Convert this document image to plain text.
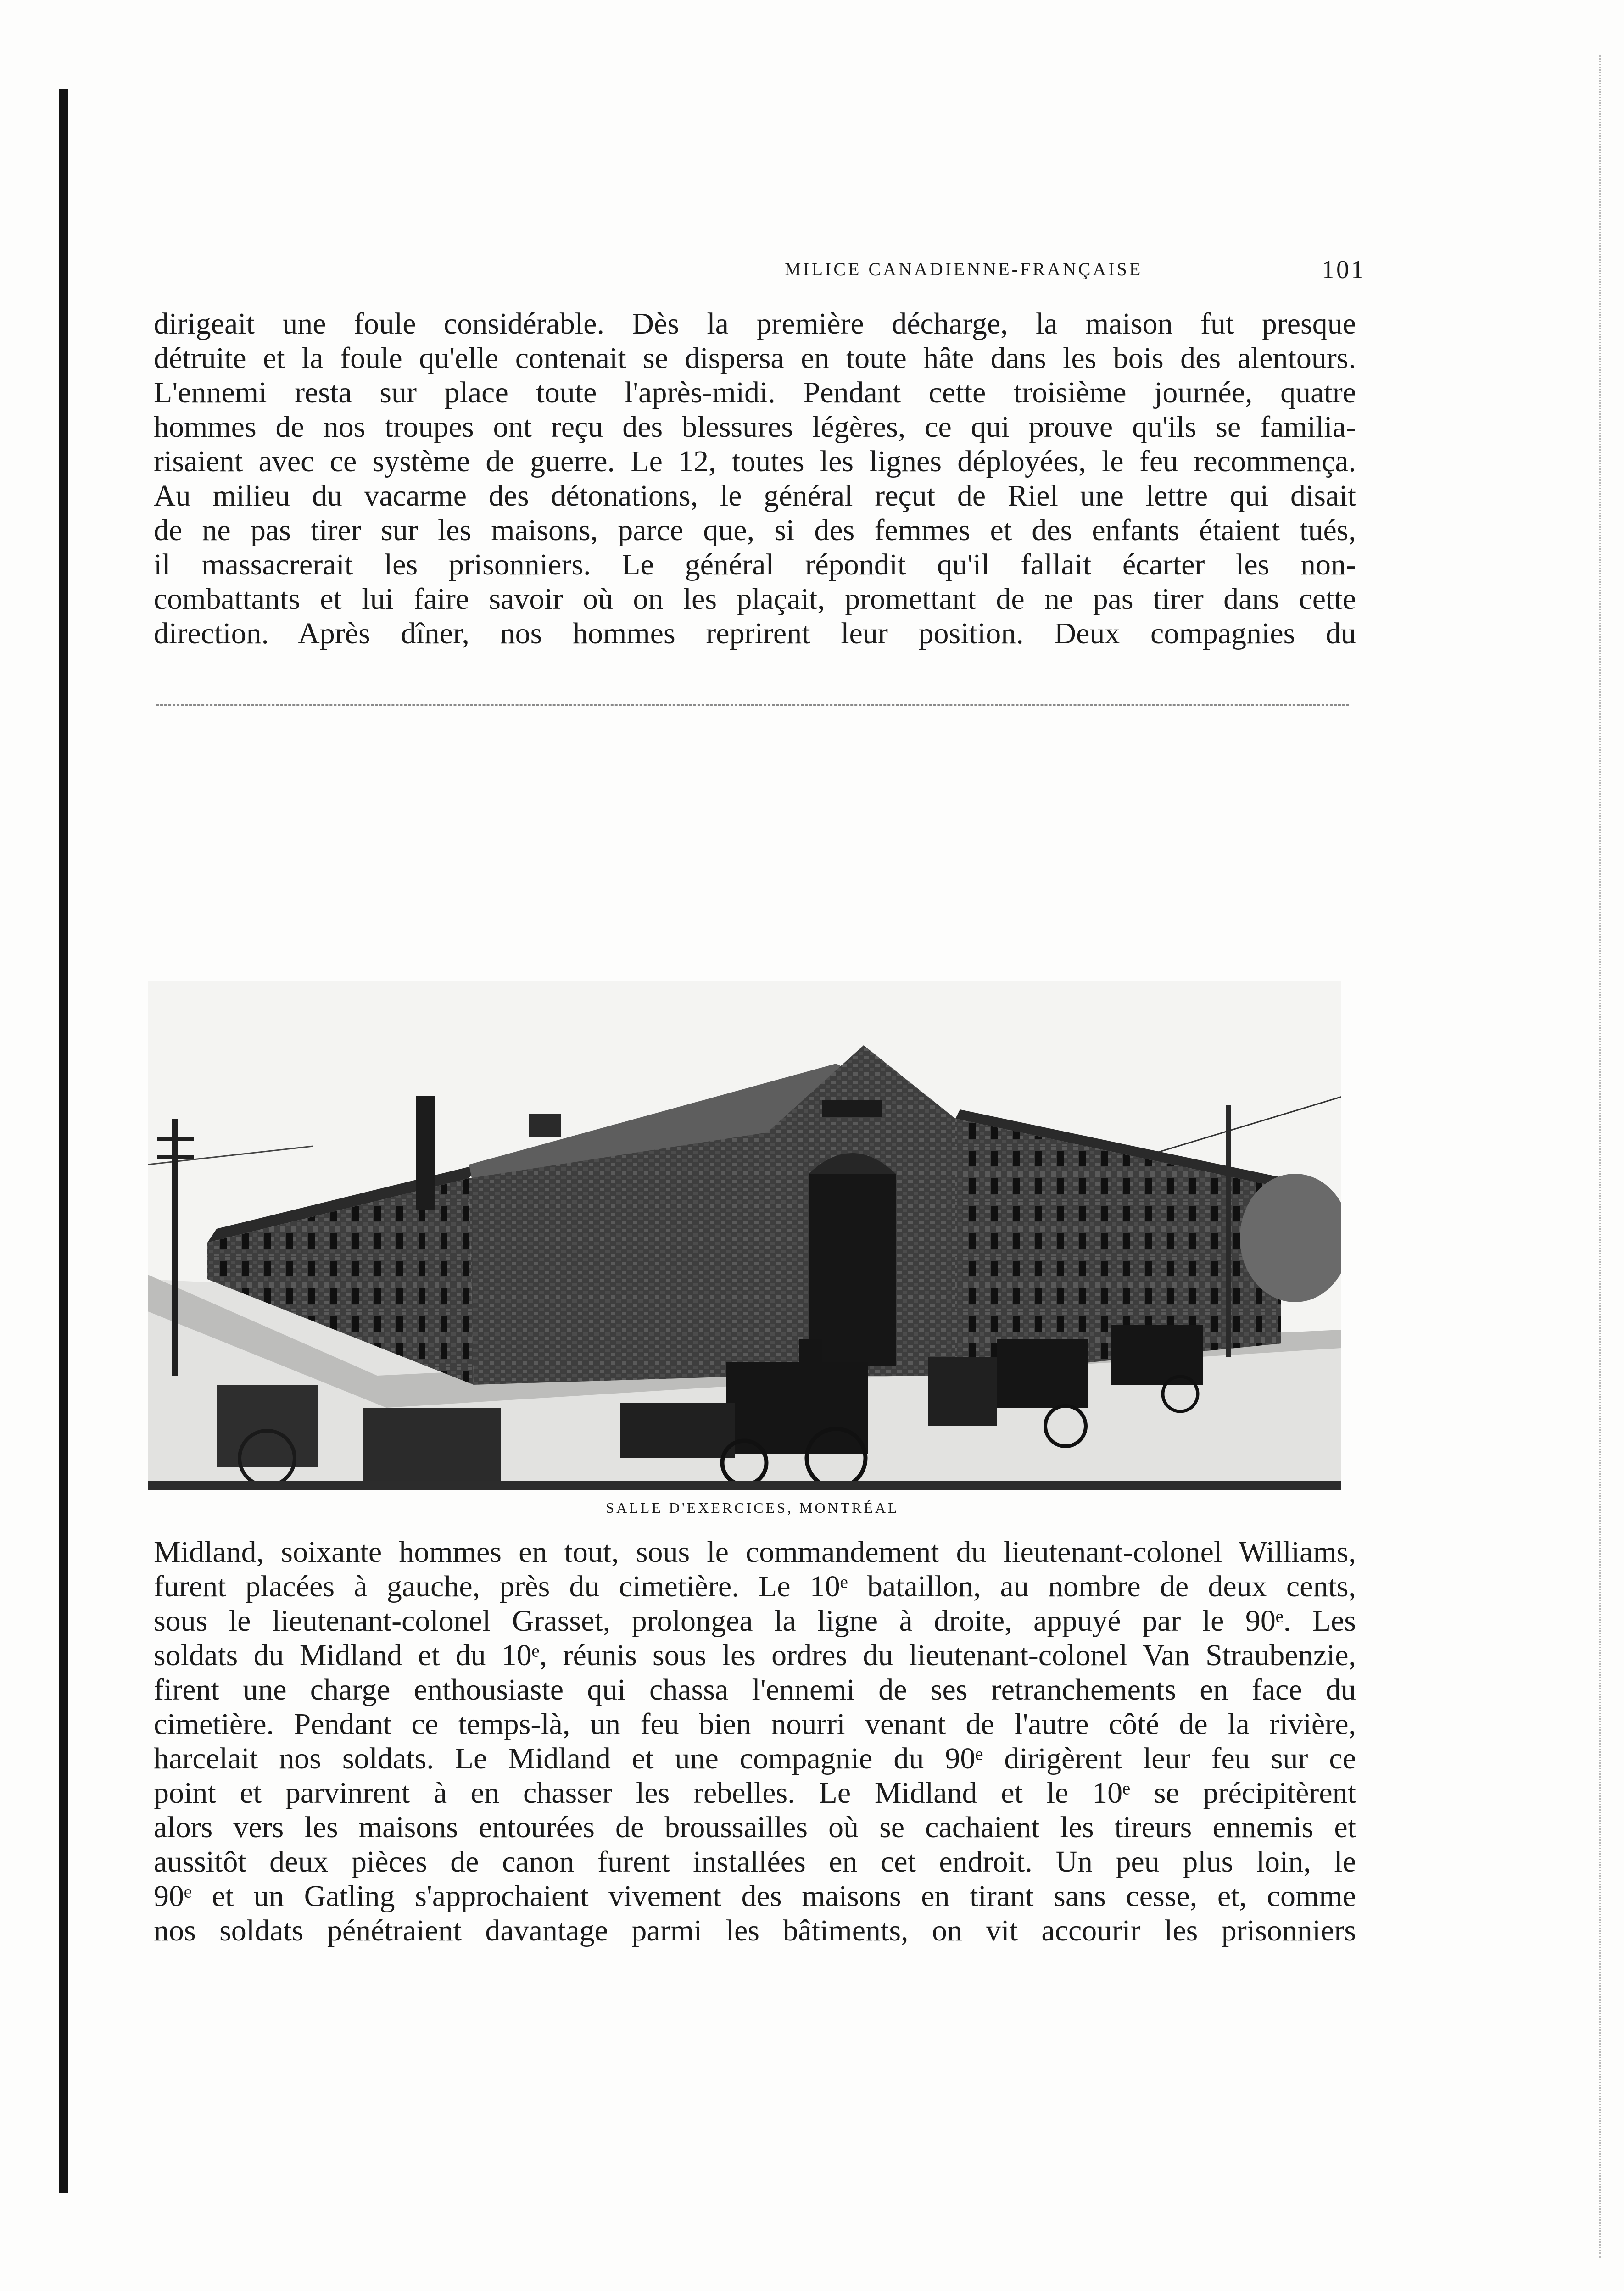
MILICE CANADIENNE-FRANÇAISE	101
dirigeait une foule considérable. Dès la première décharge, la maison fut presque
détruite et la foule qu'elle contenait se dispersa en toute hâte dans les bois des alentours.
L'ennemi resta sur place toute l'après-midi. Pendant cette troisième journée, quatre
hommes de nos troupes ont reçu des blessures légères, ce qui prouve qu'ils se familia-
risaient avec ce système de guerre. Le 12, toutes les lignes déployées, le feu recommença.
Au milieu du vacarme des détonations, le général reçut de Riel une lettre qui disait
de ne pas tirer sur les maisons, parce que, si des femmes et des enfants étaient tués,
il massacrerait les prisonniers. Le général répondit qu'il fallait écarter les non-
combattants et lui faire savoir où on les plaçait, promettant de ne pas tirer dans cette
direction. Après dîner, nos hommes reprirent leur position. Deux compagnies du
SALLE D'EXERCICES, MONTRÉAL
Midland, soixante hommes en tout, sous le commandement du lieutenant-colonel Williams,
furent placées à gauche, près du cimetière. Le 10ᵉ bataillon, au nombre de deux cents,
sous le lieutenant-colonel Grasset, prolongea la ligne à droite, appuyé par le 90ᵉ. Les
soldats du Midland et du 10ᵉ, réunis sous les ordres du lieutenant-colonel Van Straubenzie,
firent une charge enthousiaste qui chassa l'ennemi de ses retranchements en face du
cimetière. Pendant ce temps-là, un feu bien nourri venant de l'autre côté de la rivière,
harcelait nos soldats. Le Midland et une compagnie du 90ᵉ dirigèrent leur feu sur ce
point et parvinrent à en chasser les rebelles. Le Midland et le 10ᵉ se précipitèrent
alors vers les maisons entourées de broussailles où se cachaient les tireurs ennemis et
aussitôt deux pièces de canon furent installées en cet endroit. Un peu plus loin, le
90ᵉ et un Gatling s'approchaient vivement des maisons en tirant sans cesse, et, comme
nos soldats pénétraient davantage parmi les bâtiments, on vit accourir les prisonniers
